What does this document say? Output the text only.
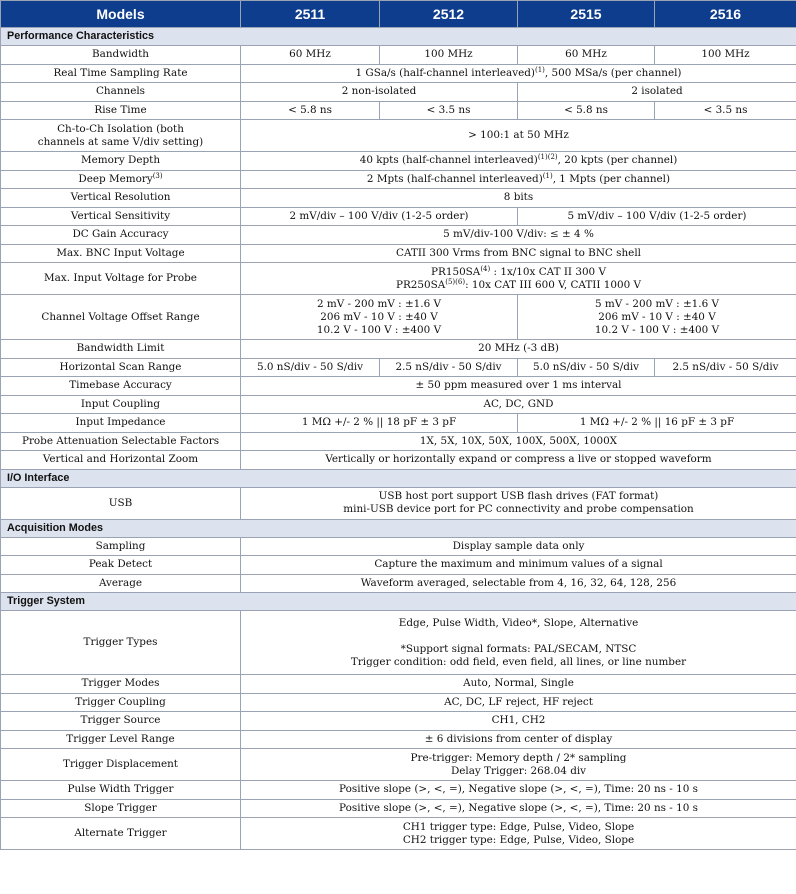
Models	2511	2512	2515	2516
Performance Characteristics				
Bandwidth	60 MHz	100 MHz	60 MHz	100 MHz
Real Time Sampling Rate	1 GSa/s (half-channel interleaved)$^{(1)}$, 500 MSa/s (per channel)			
Channels	2 non-isolated		2 isolated	
Rise Time	< 5.8 ns	< 3.5 ns	< 5.8 ns	< 3.5 ns
Ch-to-Ch Isolation (both
channels at same V/div setting)	> 100:1 at 50 MHz			
Memory Depth	40 kpts (half-channel interleaved)$^{(1)(2)}$, 20 kpts (per channel)			
Deep Memory$^{(3)}$	2 Mpts (half-channel interleaved)$^{(1)}$, 1 Mpts (per channel)			
Vertical Resolution	8 bits			
Vertical Sensitivity	2 mV/div – 100 V/div (1-2-5 order)		5 mV/div – 100 V/div (1-2-5 order)	
DC Gain Accuracy	5 mV/div-100 V/div: ≤ ± 4 %			
Max. BNC Input Voltage	CATII 300 Vrms from BNC signal to BNC shell			
Max. Input Voltage for Probe	PR150SA$^{(4)}$ : 1x/10x CAT II 300 V
$PR250SA^{(5)(6)}$: 10x CAT III 600 V, CATII 1000 V			
Channel Voltage Offset Range	2 mV - 200 mV : ±1.6 V
206 mV - 10 V : ±40 V
10.2 V - 100 V : ±400 V		5 mV - 200 mV : ±1.6 V
206 mV - 10 V : ±40 V
10.2 V - 100 V : ±400 V	
Bandwidth Limit	20 MHz (-3 dB)			
Horizontal Scan Range	5.0 nS/div - 50 S/div	2.5 nS/div - 50 S/div	5.0 nS/div - 50 S/div	2.5 nS/div - 50 S/div
Timebase Accuracy	± 50 ppm measured over 1 ms interval			
Input Coupling	AC, DC, GND			
Input Impedance	1 MΩ +/- 2 % || 18 pF ± 3 pF		1 MΩ +/- 2 % || 16 pF ± 3 pF	
Probe Attenuation Selectable Factors	1X, 5X, 10X, 50X, 100X, 500X, 1000X			
Vertical and Horizontal Zoom	Vertically or horizontally expand or compress a live or stopped waveform			
I/O Interface				
USB	USB host port support USB flash drives (FAT format)
mini-USB device port for PC connectivity and probe compensation			
Acquisition Modes				
Sampling	Display sample data only			
Peak Detect	Capture the maximum and minimum values of a signal			
Average	Waveform averaged, selectable from 4, 16, 32, 64, 128, 256			
Trigger System				
Trigger Types	Edge, Pulse Width, Video*, Slope, Alternative

*Support signal formats: PAL/SECAM, NTSC
Trigger condition: odd field, even field, all lines, or line number			
Trigger Modes	Auto, Normal, Single			
Trigger Coupling	AC, DC, LF reject, HF reject			
Trigger Source	CH1, CH2			
Trigger Level Range	± 6 divisions from center of display			
Trigger Displacement	Pre-trigger: Memory depth / 2* sampling
Delay Trigger: 268.04 div			
Pulse Width Trigger	Positive slope (>, <, =), Negative slope (>, <, =), Time: 20 ns - 10 s			
Slope Trigger	Positive slope (>, <, =), Negative slope (>, <, =), Time: 20 ns - 10 s			
Alternate Trigger	CH1 trigger type: Edge, Pulse, Video, Slope
CH2 trigger type: Edge, Pulse, Video, Slope			
